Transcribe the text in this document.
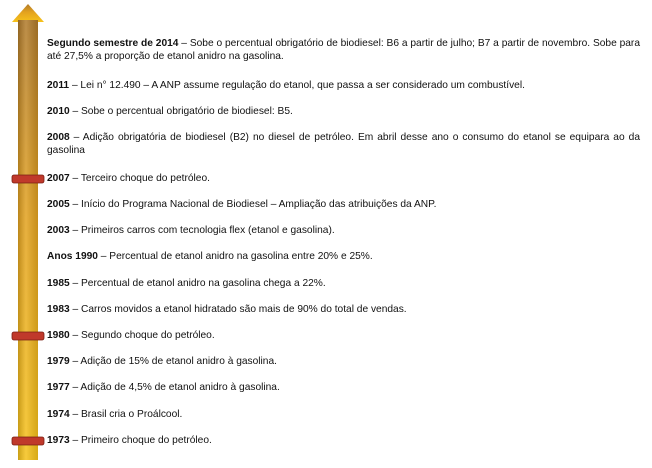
Segundo semestre de 2014 – Sobe o percentual obrigatório de biodiesel: B6 a partir de julho; B7 a partir de novembro. Sobe para até 27,5% a proporção de etanol anidro na gasolina.
2011 – Lei n° 12.490 – A ANP assume regulação do etanol, que passa a ser considerado um combustível.
2010 – Sobe o percentual obrigatório de biodiesel: B5.
2008 – Adição obrigatória de biodiesel (B2) no diesel de petróleo. Em abril desse ano o consumo do etanol se equipara ao da gasolina
2007 – Terceiro choque do petróleo.
2005 – Início do Programa Nacional de Biodiesel – Ampliação das atribuições da ANP.
2003 – Primeiros carros com tecnologia flex (etanol e gasolina).
Anos 1990 – Percentual de etanol anidro na gasolina entre 20% e 25%.
1985 – Percentual de etanol anidro na gasolina chega a 22%.
1983 – Carros movidos a etanol hidratado são mais de 90% do total de vendas.
1980 – Segundo choque do petróleo.
1979 – Adição de 15% de etanol anidro à gasolina.
1977 – Adição de 4,5% de etanol anidro à gasolina.
1974 – Brasil cria o Proálcool.
1973 – Primeiro choque do petróleo.
